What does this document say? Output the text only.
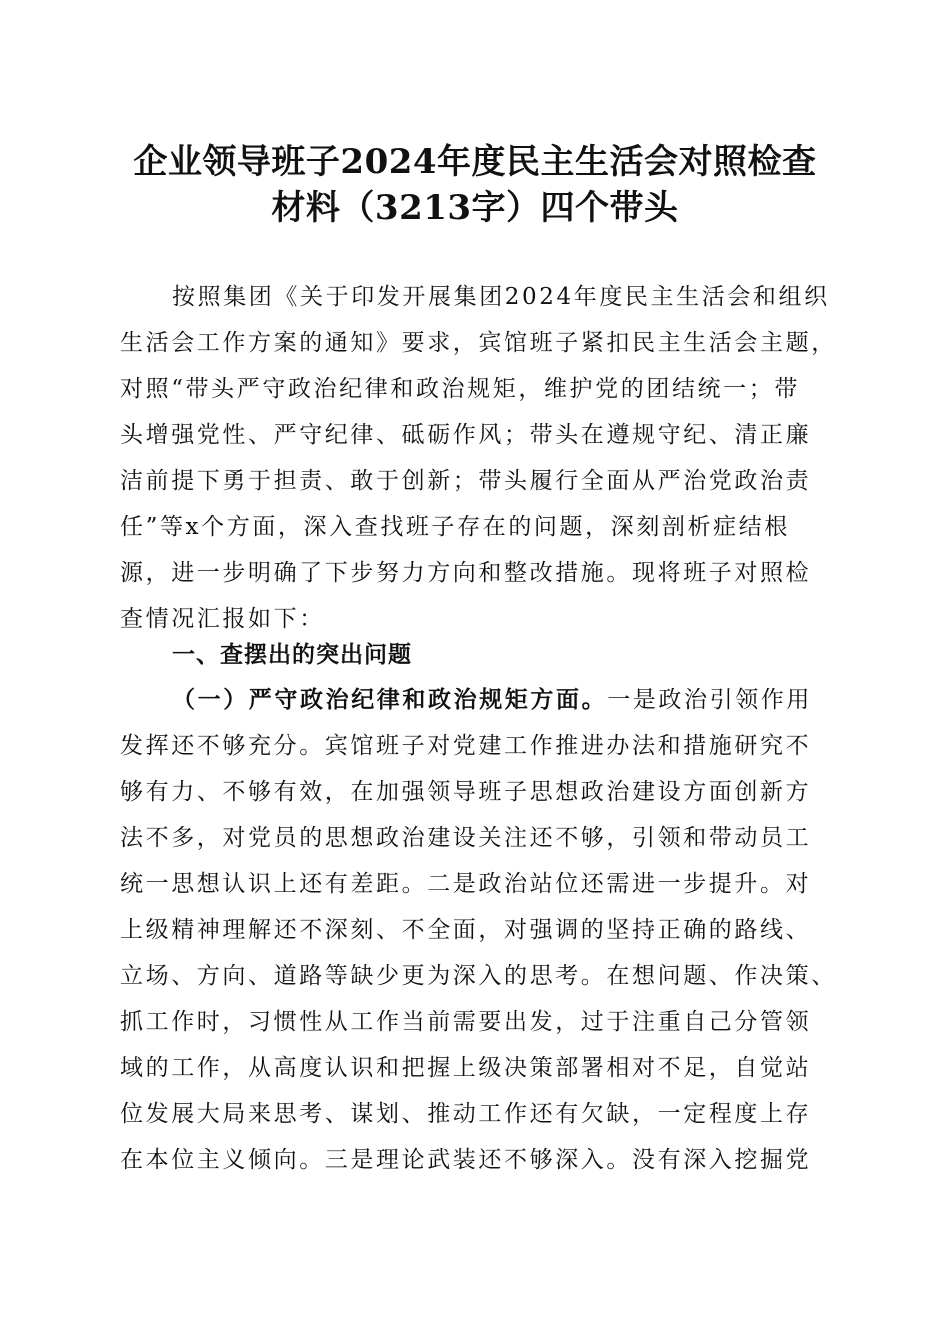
企业领导班子2024年度民主生活会对照检查
材料（3213字）四个带头
按照集团《关于印发开展集团2024年度民主生活会和组织
生活会工作方案的通知》要求，宾馆班子紧扣民主生活会主题，
对照“带头严守政治纪律和政治规矩，维护党的团结统一；带
头增强党性、严守纪律、砥砺作风；带头在遵规守纪、清正廉
洁前提下勇于担责、敢于创新；带头履行全面从严治党政治责
任”等x个方面，深入查找班子存在的问题，深刻剖析症结根
源，进一步明确了下步努力方向和整改措施。现将班子对照检
查情况汇报如下：
一、查摆出的突出问题
（一）严守政治纪律和政治规矩方面。一是政治引领作用
发挥还不够充分。宾馆班子对党建工作推进办法和措施研究不
够有力、不够有效，在加强领导班子思想政治建设方面创新方
法不多，对党员的思想政治建设关注还不够，引领和带动员工
统一思想认识上还有差距。二是政治站位还需进一步提升。对
上级精神理解还不深刻、不全面，对强调的坚持正确的路线、
立场、方向、道路等缺少更为深入的思考。在想问题、作决策、
抓工作时，习惯性从工作当前需要出发，过于注重自己分管领
域的工作，从高度认识和把握上级决策部署相对不足，自觉站
位发展大局来思考、谋划、推动工作还有欠缺，一定程度上存
在本位主义倾向。三是理论武装还不够深入。没有深入挖掘党
